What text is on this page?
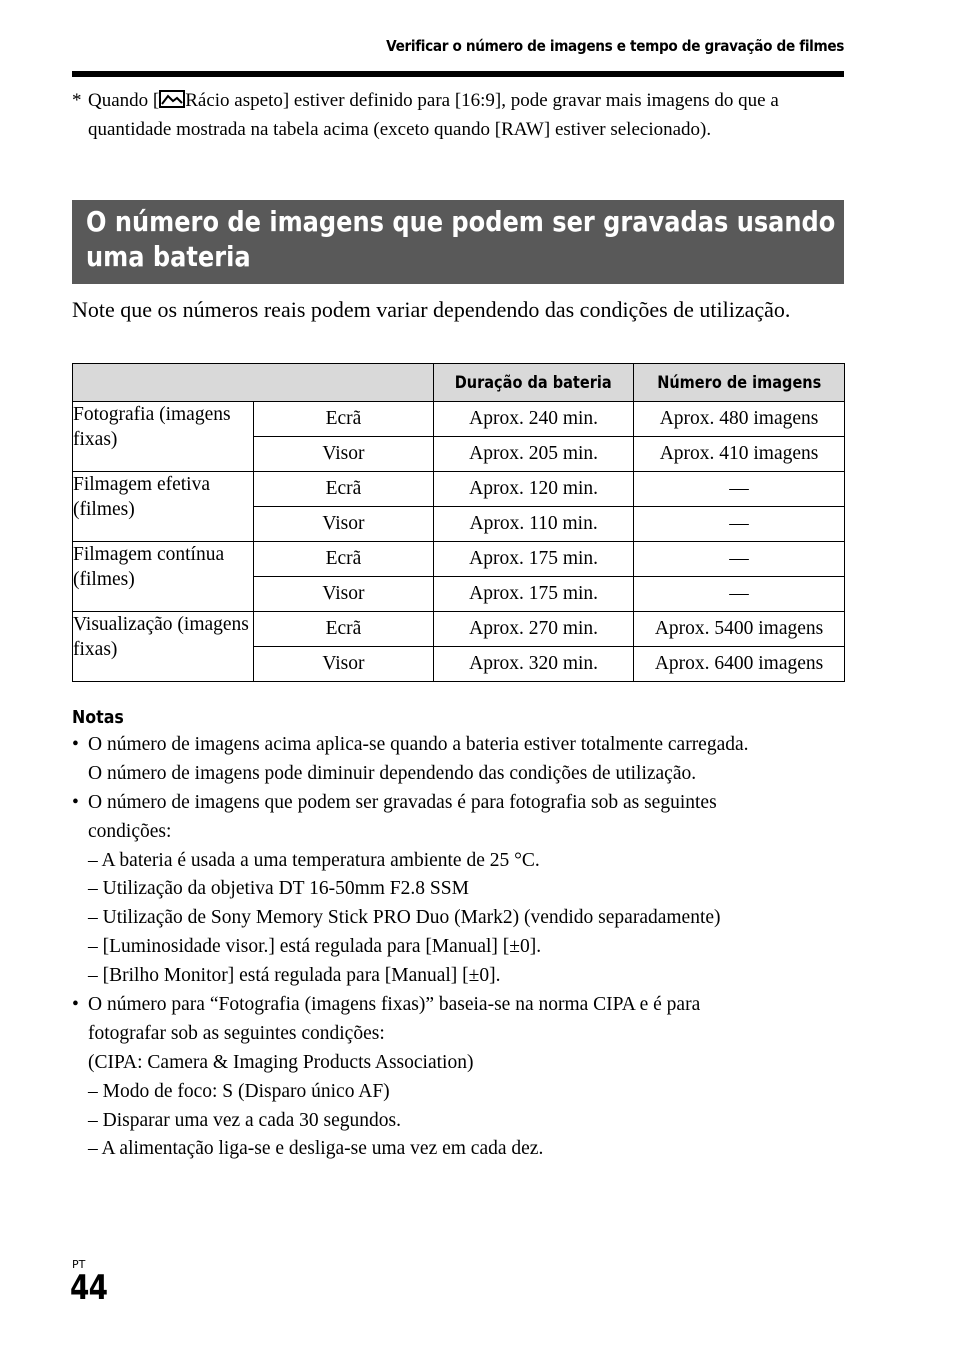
Verificar o número de imagens e tempo de gravação de filmes
* Quando [ Rácio aspeto] estiver definido para [16:9], pode gravar mais imagens do que a quantidade mostrada na tabela acima (exceto quando [RAW] estiver selecionado).
O número de imagens que podem ser gravadas usando uma bateria

Note que os números reais podem variar dependendo das condições de utilização.

		Duração da bateria	Número de imagens
Fotografia (imagens fixas)	Ecrã	Aprox. 240 min.	Aprox. 480 imagens
	Visor	Aprox. 205 min.	Aprox. 410 imagens
Filmagem efetiva (filmes)	Ecrã	Aprox. 120 min.	—
	Visor	Aprox. 110 min.	—
Filmagem contínua (filmes)	Ecrã	Aprox. 175 min.	—
	Visor	Aprox. 175 min.	—
Visualização (imagens fixas)	Ecrã	Aprox. 270 min.	Aprox. 5400 imagens
	Visor	Aprox. 320 min.	Aprox. 6400 imagens
Notas
• O número de imagens acima aplica-se quando a bateria estiver totalmente carregada.
O número de imagens pode diminuir dependendo das condições de utilização.
• O número de imagens que podem ser gravadas é para fotografia sob as seguintes
condições:
– A bateria é usada a uma temperatura ambiente de 25 °C.
– Utilização da objetiva DT 16-50mm F2.8 SSM
– Utilização de Sony Memory Stick PRO Duo (Mark2) (vendido separadamente)
– [Luminosidade visor.] está regulada para [Manual] [±0].
– [Brilho Monitor] está regulada para [Manual] [±0].
• O número para “Fotografia (imagens fixas)” baseia-se na norma CIPA e é para
fotografar sob as seguintes condições:
(CIPA: Camera & Imaging Products Association)
– Modo de foco: S (Disparo único AF)
– Disparar uma vez a cada 30 segundos.
– A alimentação liga-se e desliga-se uma vez em cada dez.
PT
44
